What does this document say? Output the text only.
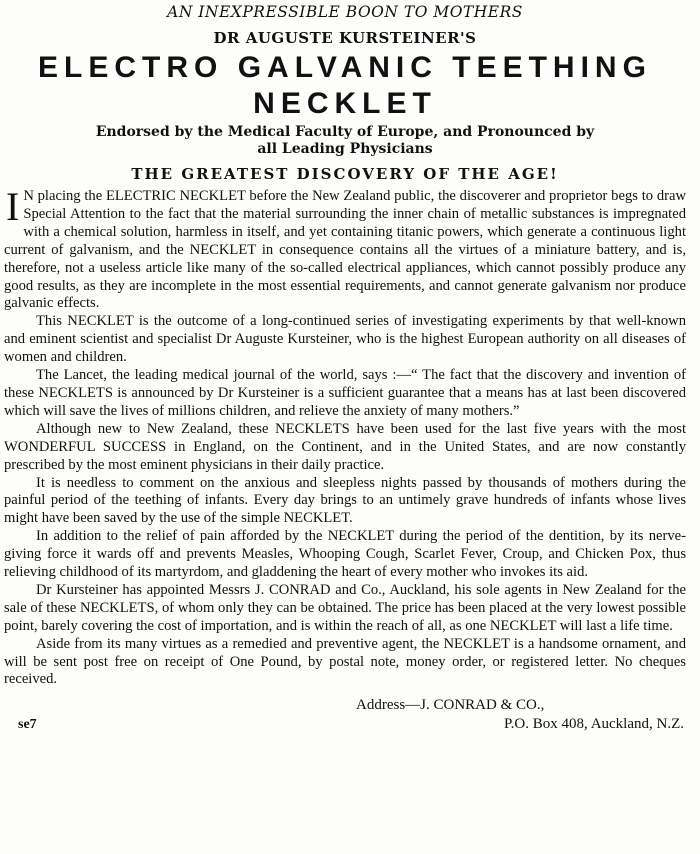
AN INEXPRESSIBLE BOON TO MOTHERS

DR AUGUSTE KURSTEINER'S
ELECTRO GALVANIC TEETHING NECKLET
Endorsed by the Medical Faculty of Europe, and Pronounced by all Leading Physicians
THE GREATEST DISCOVERY OF THE AGE!

I N placing the ELECTRIC NECKLET before the New Zealand public, the discoverer and proprietor begs to draw Special Attention to the fact that the material surrounding the inner chain of metallic substances is impregnated with a chemical solution, harmless in itself, and yet containing titanic powers, which generate a continuous light current of galvanism, and the NECKLET in consequence contains all the virtues of a miniature battery, and is, therefore, not a useless article like many of the so-called electrical appliances, which cannot possibly produce any good results, as they are incomplete in the most essential requirements, and cannot generate galvanism nor produce galvanic effects.

This NECKLET is the outcome of a long-continued series of investigating experiments by that well-known and eminent scientist and specialist Dr Auguste Kursteiner, who is the highest European authority on all diseases of women and children.

The Lancet, the leading medical journal of the world, says :—“ The fact that the discovery and invention of these NECKLETS is announced by Dr Kursteiner is a sufficient guarantee that a means has at last been discovered which will save the lives of millions children, and relieve the anxiety of many mothers.”

Although new to New Zealand, these NECKLETS have been used for the last five years with the most WONDERFUL SUCCESS in England, on the Continent, and in the United States, and are now constantly prescribed by the most eminent physicians in their daily practice.

It is needless to comment on the anxious and sleepless nights passed by thousands of mothers during the painful period of the teething of infants. Every day brings to an untimely grave hundreds of infants whose lives might have been saved by the use of the simple NECKLET.

In addition to the relief of pain afforded by the NECKLET during the period of the dentition, by its nerve-giving force it wards off and prevents Measles, Whooping Cough, Scarlet Fever, Croup, and Chicken Pox, thus relieving childhood of its martyrdom, and gladdening the heart of every mother who invokes its aid.

Dr Kursteiner has appointed Messrs J. CONRAD and Co., Auckland, his sole agents in New Zealand for the sale of these NECKLETS, of whom only they can be obtained. The price has been placed at the very lowest possible point, barely covering the cost of importation, and is within the reach of all, as one NECKLET will last a life time.

Aside from its many virtues as a remedied and preventive agent, the NECKLET is a handsome ornament, and will be sent post free on receipt of One Pound, by postal note, money order, or registered letter. No cheques received.

Address—J. CONRAD & CO.,
se7	P.O. Box 408, Auckland, N.Z.
